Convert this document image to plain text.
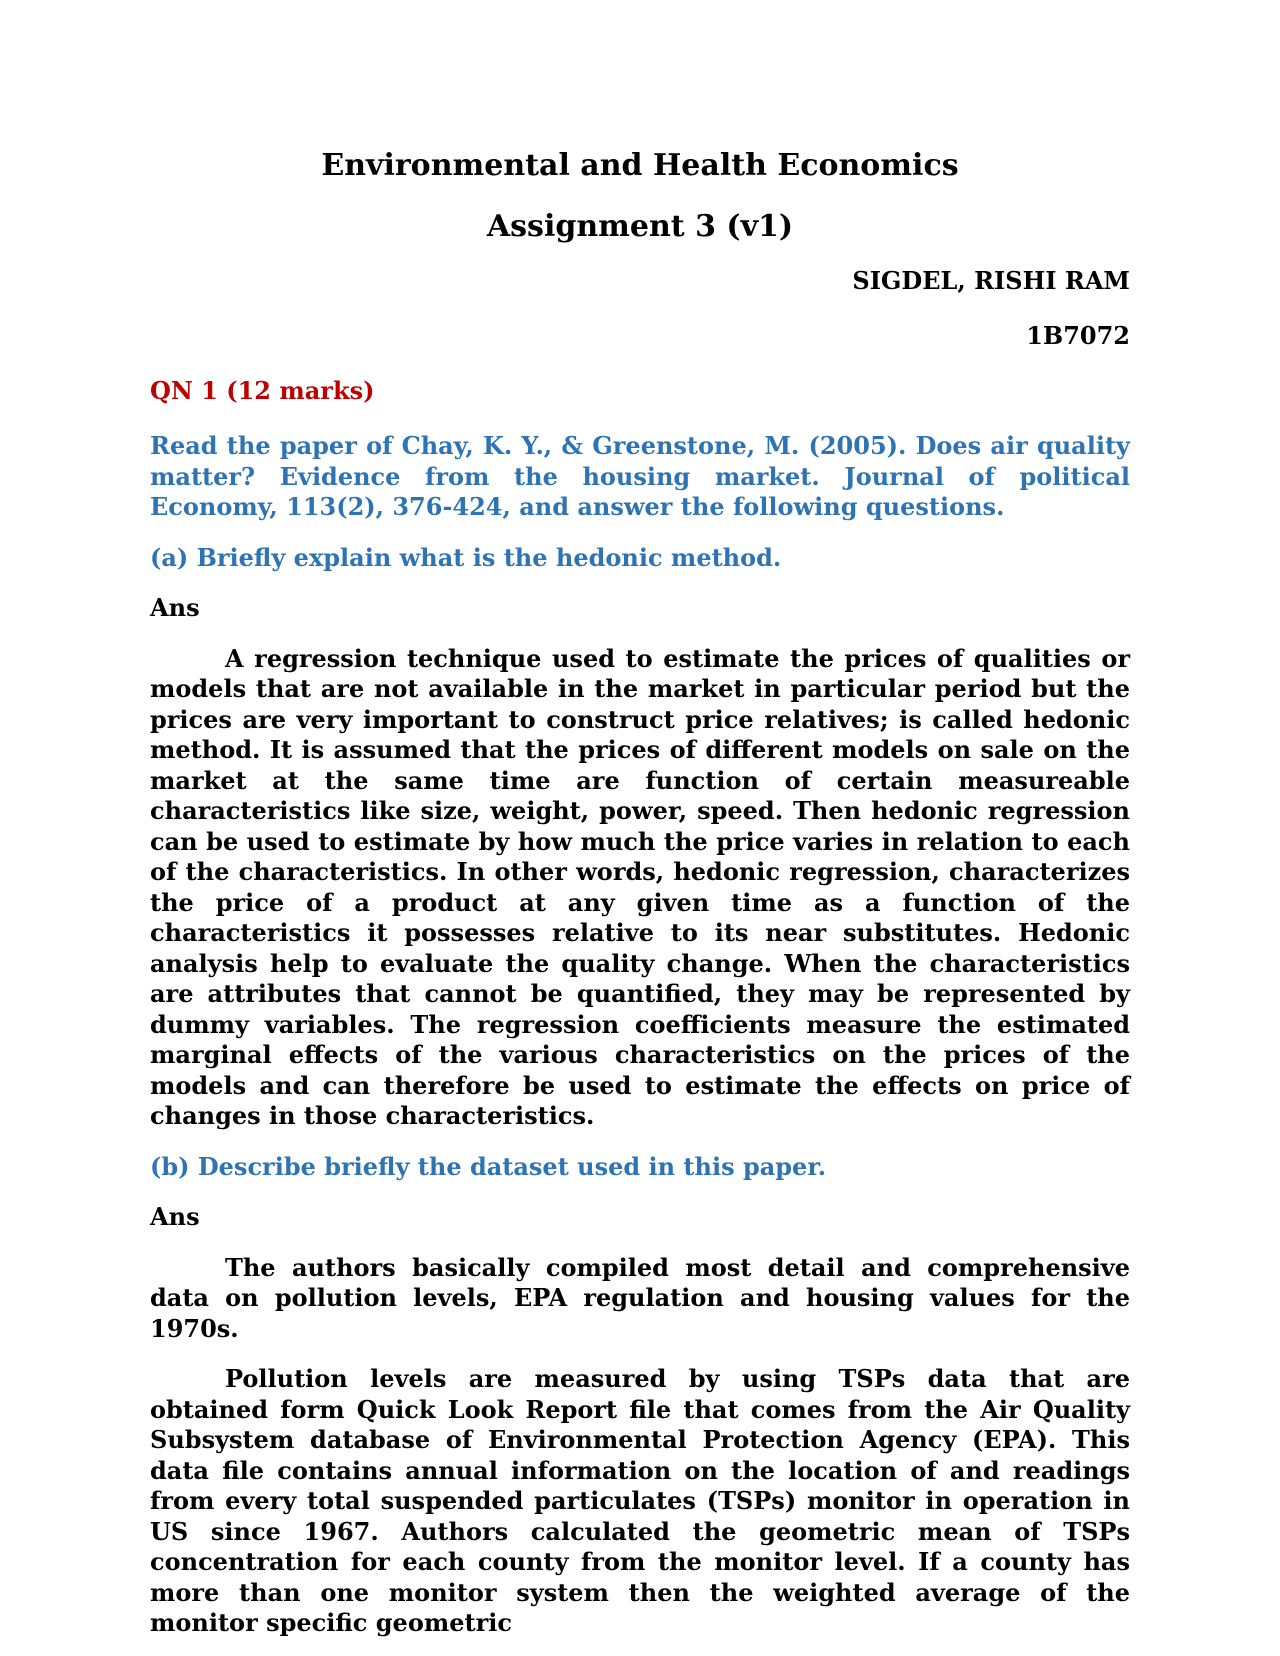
Environmental and Health Economics
Assignment 3 (v1)

SIGDEL, RISHI RAM

1B7072

QN 1 (12 marks)

Read the paper of Chay, K. Y., & Greenstone, M. (2005). Does air quality matter? Evidence from the housing market. Journal of political Economy, 113(2), 376-424, and answer the following questions.

(a) Briefly explain what is the hedonic method.

Ans

A regression technique used to estimate the prices of qualities or models that are not available in the market in particular period but the prices are very important to construct price relatives; is called hedonic method. It is assumed that the prices of different models on sale on the market at the same time are function of certain measureable characteristics like size, weight, power, speed. Then hedonic regression can be used to estimate by how much the price varies in relation to each of the characteristics. In other words, hedonic regression, characterizes the price of a product at any given time as a function of the characteristics it possesses relative to its near substitutes. Hedonic analysis help to evaluate the quality change. When the characteristics are attributes that cannot be quantified, they may be represented by dummy variables. The regression coefficients measure the estimated marginal effects of the various characteristics on the prices of the models and can therefore be used to estimate the effects on price of changes in those characteristics.

(b) Describe briefly the dataset used in this paper.

Ans

The authors basically compiled most detail and comprehensive data on pollution levels, EPA regulation and housing values for the 1970s.

Pollution levels are measured by using TSPs data that are obtained form Quick Look Report file that comes from the Air Quality Subsystem database of Environmental Protection Agency (EPA). This data file contains annual information on the location of and readings from every total suspended particulates (TSPs) monitor in operation in US since 1967. Authors calculated the geometric mean of TSPs concentration for each county from the monitor level. If a county has more than one monitor system then the weighted average of the monitor specific geometric
